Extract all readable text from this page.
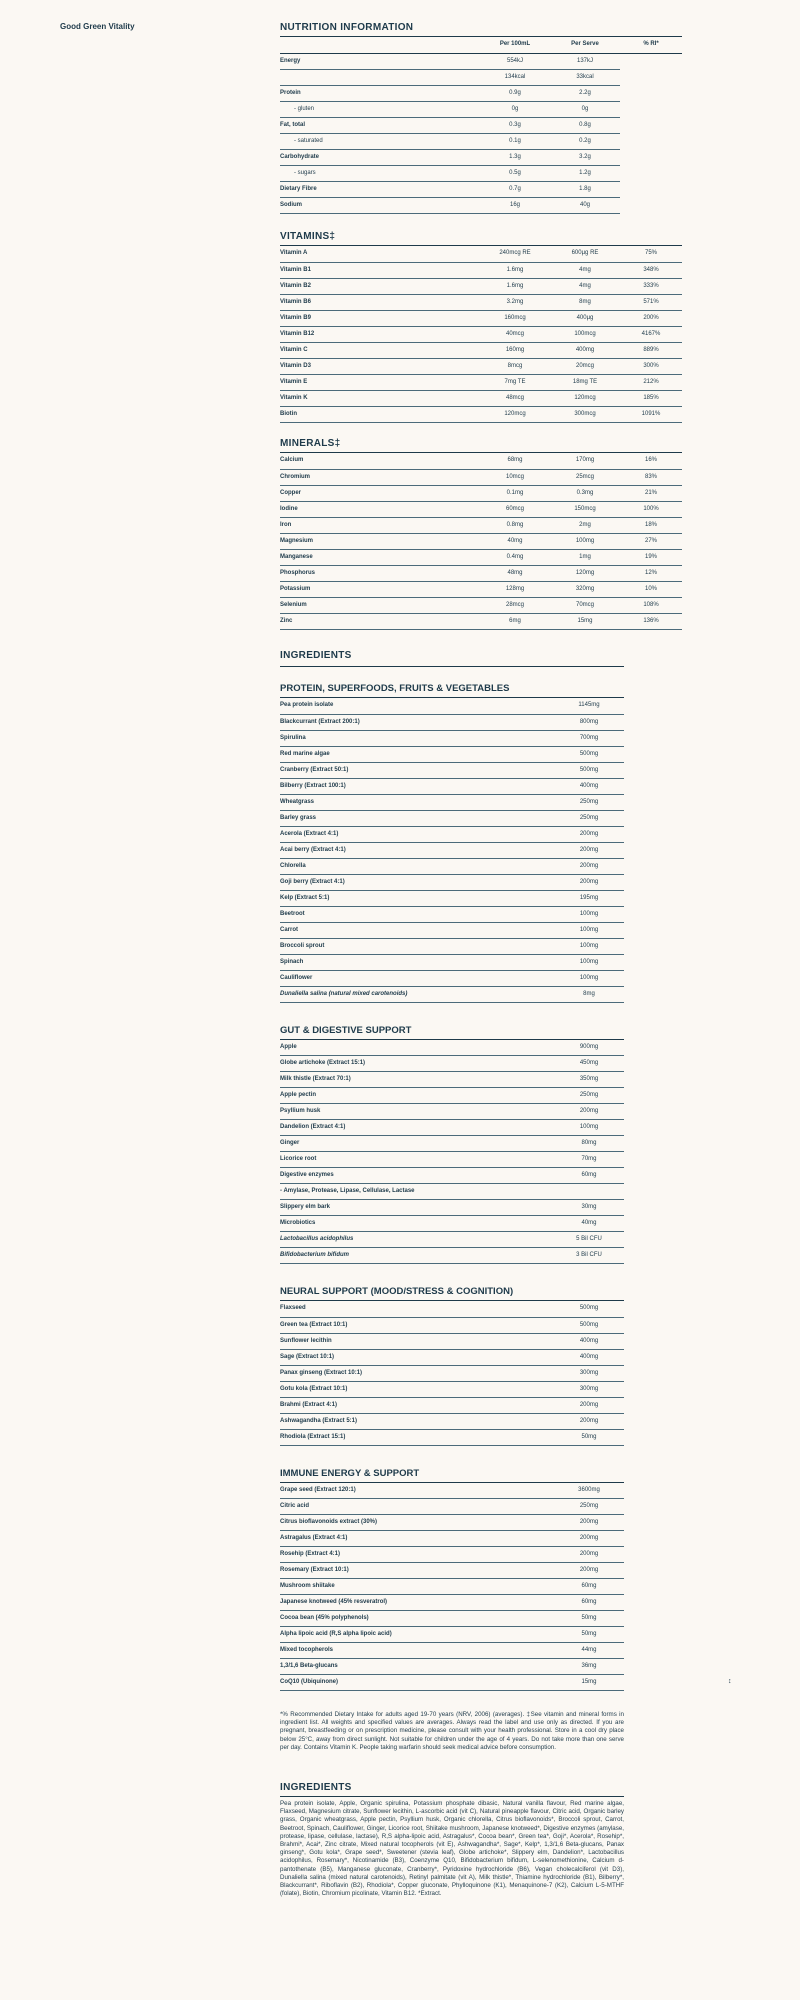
Good Green Vitality	NUTRITION INFORMATION
	Per 100mL	Per Serve	% RI*
Energy	554kJ	137kJ	
	134kcal	33kcal	
Protein	0.9g	2.2g	
- gluten	0g	0g	
Fat, total	0.3g	0.8g	
- saturated	0.1g	0.2g	
Carbohydrate	1.3g	3.2g	
- sugars	0.5g	1.2g	
Dietary Fibre	0.7g	1.8g	
Sodium	16g	40g	
VITAMINS‡
Vitamin A	240mcg RE	600µg RE	75%
Vitamin B1	1.6mg	4mg	348%
Vitamin B2	1.6mg	4mg	333%
Vitamin B6	3.2mg	8mg	571%
Vitamin B9	160mcg	400µg	200%
Vitamin B12	40mcg	100mcg	4167%
Vitamin C	160mg	400mg	889%
Vitamin D3	8mcg	20mcg	300%
Vitamin E	7mg TE	18mg TE	212%
Vitamin K	48mcg	120mcg	185%
Biotin	120mcg	300mcg	1091%
MINERALS‡
Calcium	68mg	170mg	16%
Chromium	10mcg	25mcg	83%
Copper	0.1mg	0.3mg	21%
Iodine	60mcg	150mcg	100%
Iron	0.8mg	2mg	18%
Magnesium	40mg	100mg	27%
Manganese	0.4mg	1mg	19%
Phosphorus	48mg	120mg	12%
Potassium	128mg	320mg	10%
Selenium	28mcg	70mcg	108%
Zinc	6mg	15mg	136%
INGREDIENTS
PROTEIN, SUPERFOODS, FRUITS & VEGETABLES
Pea protein isolate	1145mg
Blackcurrant (Extract 200:1)	800mg
Spirulina	700mg
Red marine algae	500mg
Cranberry (Extract 50:1)	500mg
Bilberry (Extract 100:1)	400mg
Wheatgrass	250mg
Barley grass	250mg
Acerola (Extract 4:1)	200mg
Acai berry (Extract 4:1)	200mg
Chlorella	200mg
Goji berry (Extract 4:1)	200mg
Kelp (Extract 5:1)	195mg
Beetroot	100mg
Carrot	100mg
Broccoli sprout	100mg
Spinach	100mg
Cauliflower	100mg
Dunaliella salina (natural mixed carotenoids)	8mg
GUT & DIGESTIVE SUPPORT
Apple	900mg
Globe artichoke (Extract 15:1)	450mg
Milk thistle (Extract 70:1)	350mg
Apple pectin	250mg
Psyllium husk	200mg
Dandelion (Extract 4:1)	100mg
Ginger	80mg
Licorice root	70mg
Digestive enzymes	60mg
- Amylase, Protease, Lipase, Cellulase, Lactase	
Slippery elm bark	30mg
Microbiotics	40mg
Lactobacillus acidophilus	5 Bil CFU
Bifidobacterium bifidum	3 Bil CFU
NEURAL SUPPORT (MOOD/STRESS & COGNITION)
Flaxseed	500mg
Green tea (Extract 10:1)	500mg
Sunflower lecithin	400mg
Sage (Extract 10:1)	400mg
Panax ginseng (Extract 10:1)	300mg
Gotu kola (Extract 10:1)	300mg
Brahmi (Extract 4:1)	200mg
Ashwagandha (Extract 5:1)	200mg
Rhodiola (Extract 15:1)	50mg
IMMUNE ENERGY & SUPPORT
Grape seed (Extract 120:1)	3600mg
Citric acid	250mg
Citrus bioflavonoids extract (30%)	200mg
Astragalus (Extract 4:1)	200mg
Rosehip (Extract 4:1)	200mg
Rosemary (Extract 10:1)	200mg
Mushroom shiitake	60mg
Japanese knotweed (45% resveratrol)	60mg
Cocoa bean (45% polyphenols)	50mg
Alpha lipoic acid (R,S alpha lipoic acid)	50mg
Mixed tocopherols	44mg
1,3/1,6 Beta-glucans	36mg
CoQ10 (Ubiquinone)	15mg
*% Recommended Dietary Intake for adults aged 19-70 years (NRV, 2006) (averages). ‡See vitamin and mineral forms in ingredient list. All weights and specified values are averages. Always read the label and use only as directed. If you are pregnant, breastfeeding or on prescription medicine, please consult with your health professional. Store in a cool dry place below 25°C, away from direct sunlight. Not suitable for children under the age of 4 years. Do not take more than one serve per day. Contains Vitamin K. People taking warfarin should seek medical advice before consumption.
INGREDIENTS
Pea protein isolate, Apple, Organic spirulina, Potassium phosphate dibasic, Natural vanilla flavour, Red marine algae, Flaxseed, Magnesium citrate, Sunflower lecithin, L-ascorbic acid (vit C), Natural pineapple flavour, Citric acid, Organic barley grass, Organic wheatgrass, Apple pectin, Psyllium husk, Organic chlorella, Citrus bioflavonoids*, Broccoli sprout, Carrot, Beetroot, Spinach, Cauliflower, Ginger, Licorice root, Shiitake mushroom, Japanese knotweed*, Digestive enzymes (amylase, protease, lipase, cellulase, lactase), R,S alpha-lipoic acid, Astragalus*, Cocoa bean*, Green tea*, Goji*, Acerola*, Rosehip*, Brahmi*, Acai*, Zinc citrate, Mixed natural tocopherols (vit E), Ashwagandha*, Sage*, Kelp*, 1,3/1,6 Beta-glucans, Panax ginseng*, Gotu kola*, Grape seed*, Sweetener (stevia leaf), Globe artichoke*, Slippery elm, Dandelion*, Lactobacillus acidophilus, Rosemary*, Nicotinamide (B3), Coenzyme Q10, Bifidobacterium bifidum, L-selenomethionine, Calcium d-pantothenate (B5), Manganese gluconate, Cranberry*, Pyridoxine hydrochloride (B6), Vegan cholecalciferol (vit D3), Dunaliella salina (mixed natural carotenoids), Retinyl palmitate (vit A), Milk thistle*, Thiamine hydrochloride (B1), Bilberry*, Blackcurrant*, Riboflavin (B2), Rhodiola*, Copper gluconate, Phylloquinone (K1), Menaquinone-7 (K2), Calcium L-5-MTHF (folate), Biotin, Chromium picolinate, Vitamin B12. *Extract.
↕
